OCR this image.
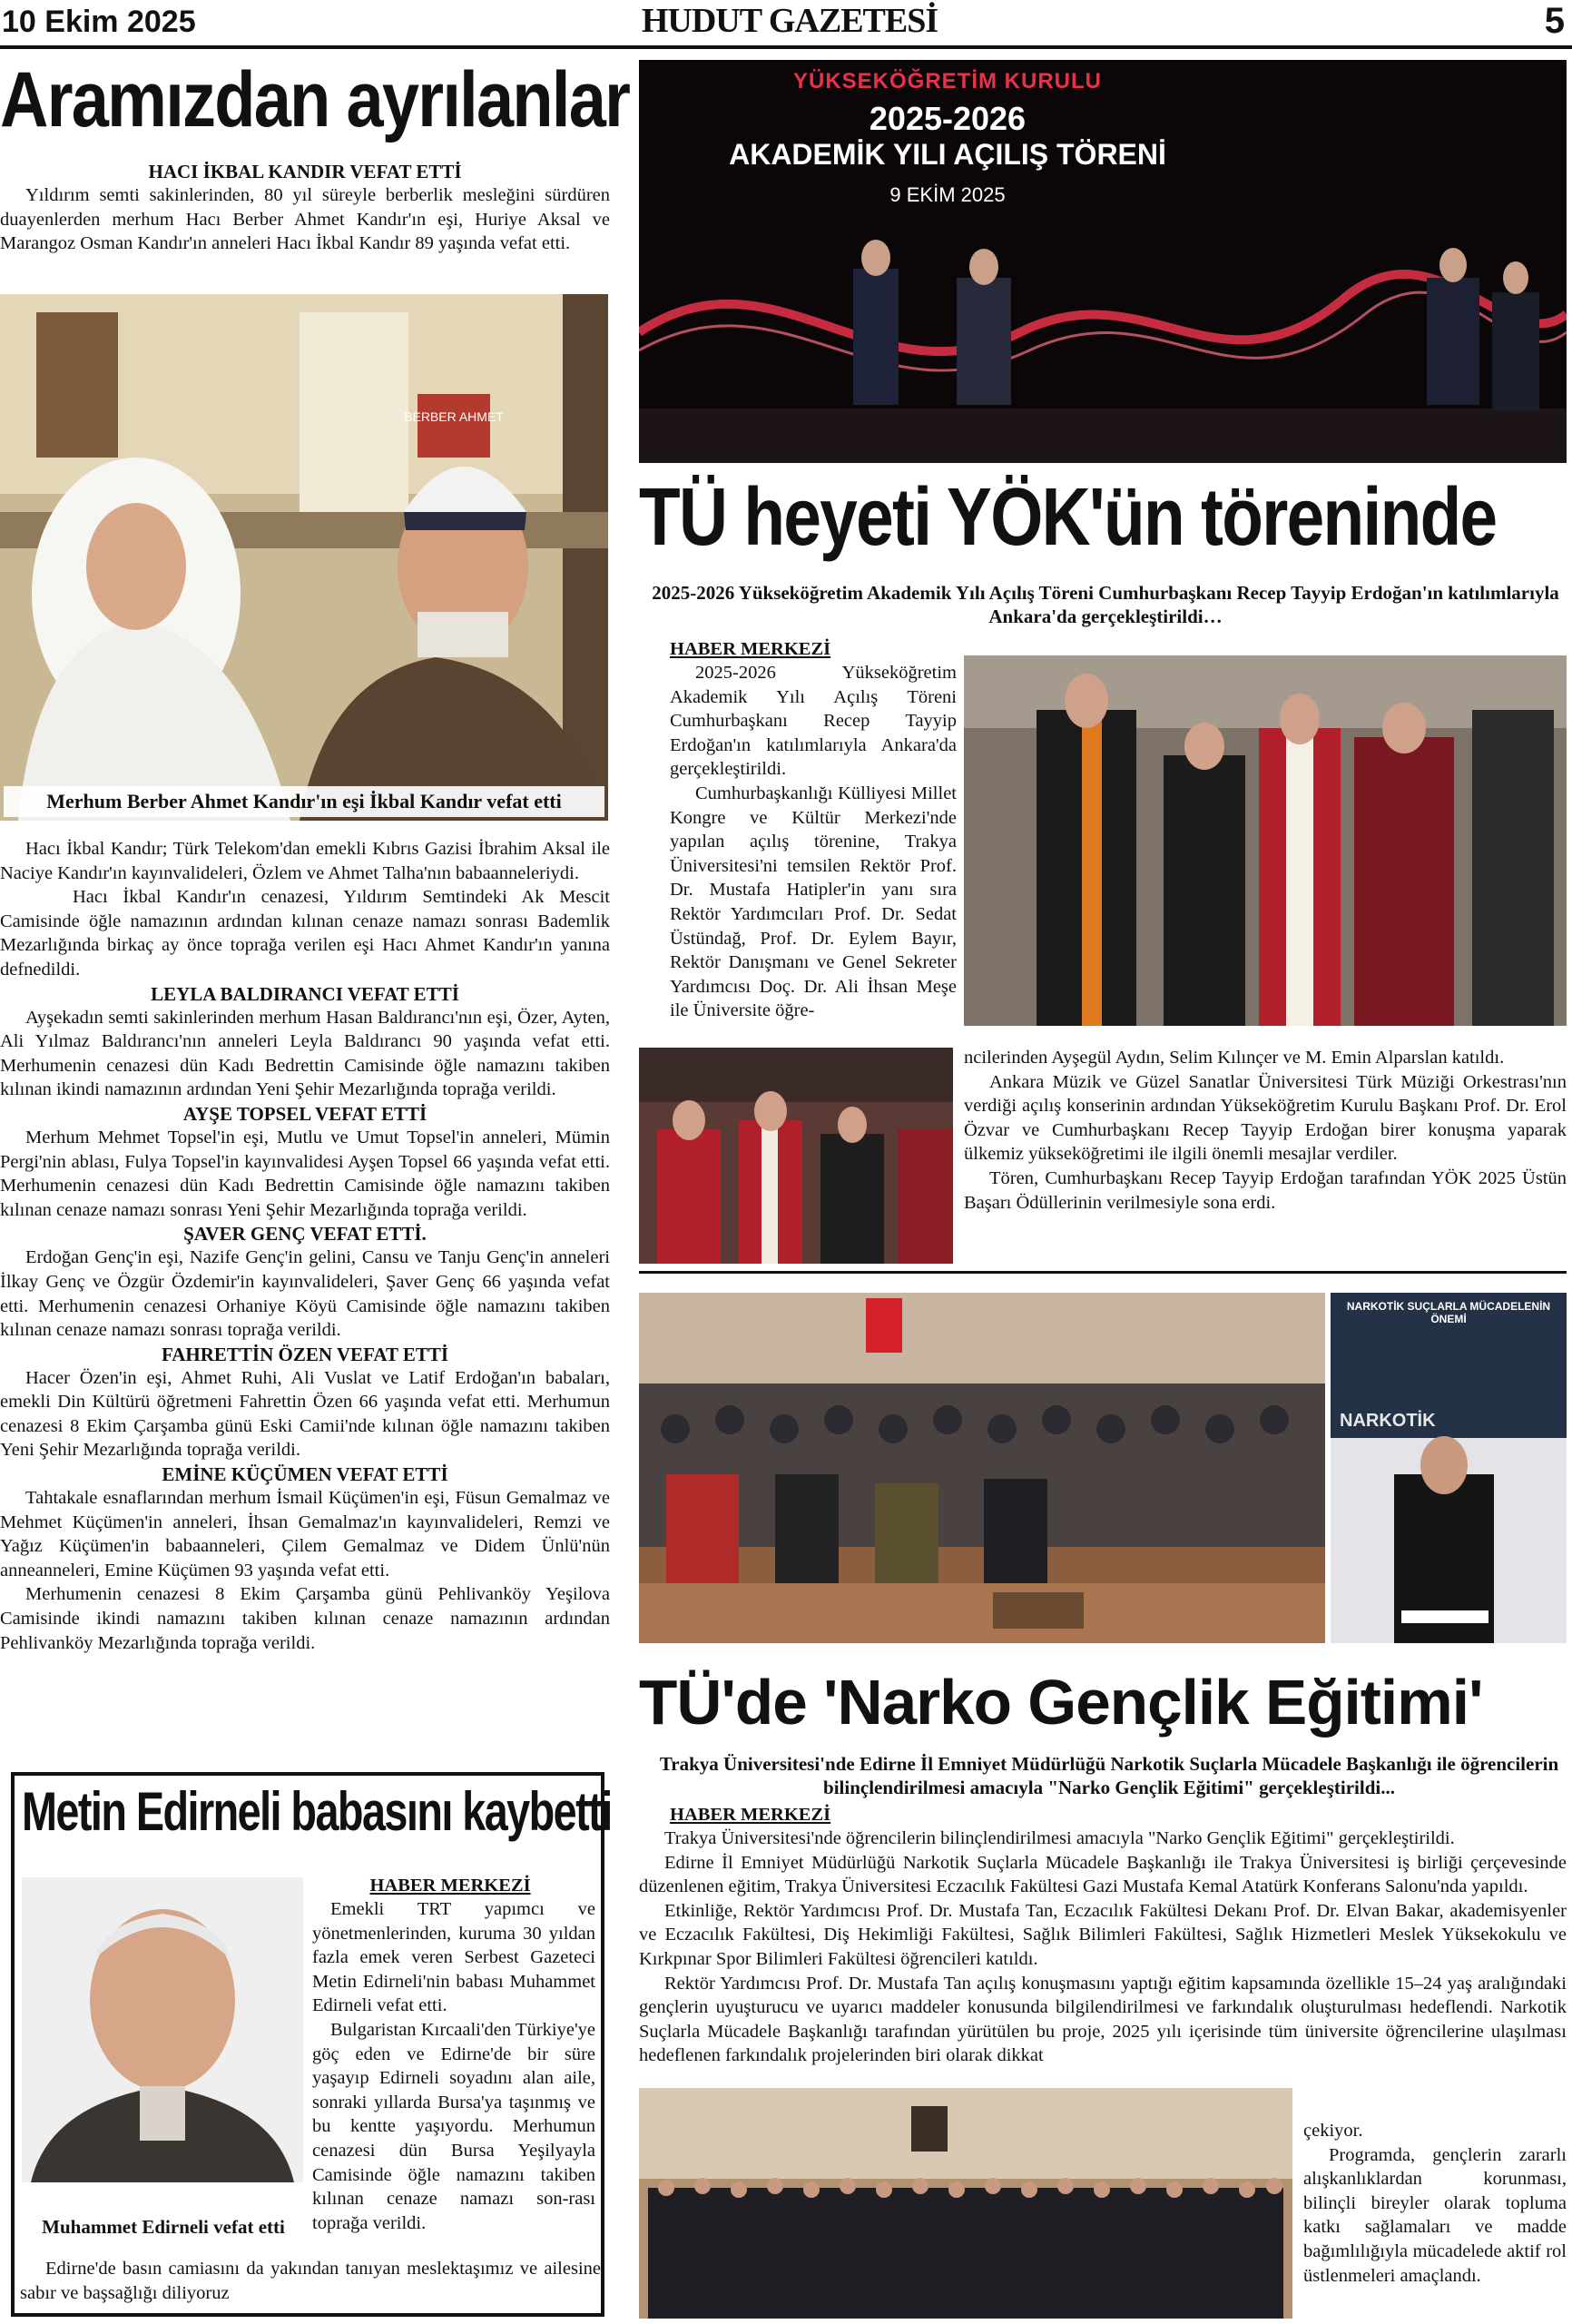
10 Ekim 2025	HUDUT GAZETESİ	5
Aramızdan ayrılanlar
HACI İKBAL KANDIR VEFAT ETTİ

Yıldırım semti sakinlerinden, 80 yıl süreyle berberlik mesleğini sürdüren duayenlerden merhum Hacı Berber Ahmet Kandır'ın eşi, Huriye Aksal ve Marangoz Osman Kandır'ın anneleri Hacı İkbal Kandır 89 yaşında vefat etti.

BERBER AHMET
Merhum Berber Ahmet Kandır'ın eşi İkbal Kandır vefat etti

Hacı İkbal Kandır; Türk Telekom'dan emekli Kıbrıs Gazisi İbrahim Aksal ile Naciye Kandır'ın kayınvalideleri, Özlem ve Ahmet Talha'nın babaanneleriydi.

Hacı İkbal Kandır'ın cenazesi, Yıldırım Semtindeki Ak Mescit Camisinde öğle namazının ardından kılınan cenaze namazı sonrası Bademlik Mezarlığında birkaç ay önce toprağa verilen eşi Hacı Ahmet Kandır'ın yanına defnedildi.

LEYLA BALDIRANCI VEFAT ETTİ

Ayşekadın semti sakinlerinden merhum Hasan Baldırancı'nın eşi, Özer, Ayten, Ali Yılmaz Baldırancı'nın anneleri Leyla Baldırancı 90 yaşında vefat etti. Merhumenin cenazesi dün Kadı Bedrettin Camisinde öğle namazını takiben kılınan ikindi namazının ardından Yeni Şehir Mezarlığında toprağa verildi.

AYŞE TOPSEL VEFAT ETTİ

Merhum Mehmet Topsel'in eşi, Mutlu ve Umut Topsel'in anneleri, Mümin Pergi'nin ablası, Fulya Topsel'in kayınvalidesi Ayşen Topsel 66 yaşında vefat etti. Merhumenin cenazesi dün Kadı Bedrettin Camisinde öğle namazını takiben kılınan cenaze namazı sonrası Yeni Şehir Mezarlığında toprağa verildi.

ŞAVER GENÇ VEFAT ETTİ.

Erdoğan Genç'in eşi, Nazife Genç'in gelini, Cansu ve Tanju Genç'in anneleri İlkay Genç ve Özgür Özdemir'in kayınvalideleri, Şaver Genç 66 yaşında vefat etti. Merhumenin cenazesi Orhaniye Köyü Camisinde öğle namazını takiben kılınan cenaze namazı sonrası toprağa verildi.

FAHRETTİN ÖZEN VEFAT ETTİ

Hacer Özen'in eşi, Ahmet Ruhi, Ali Vuslat ve Latif Erdoğan'ın babaları, emekli Din Kültürü öğretmeni Fahrettin Özen 66 yaşında vefat etti. Merhumun cenazesi 8 Ekim Çarşamba günü Eski Camii'nde kılınan öğle namazını takiben Yeni Şehir Mezarlığında toprağa verildi.

EMİNE KÜÇÜMEN VEFAT ETTİ

Tahtakale esnaflarından merhum İsmail Küçümen'in eşi, Füsun Gemalmaz ve Mehmet Küçümen'in anneleri, İhsan Gemalmaz'ın kayınvalideleri, Remzi ve Yağız Küçümen'in babaanneleri, Çilem Gemalmaz ve Didem Ünlü'nün anneanneleri, Emine Küçümen 93 yaşında vefat etti.

Merhumenin cenazesi 8 Ekim Çarşamba günü Pehlivanköy Yeşilova Camisinde ikindi namazını takiben kılınan cenaze namazının ardından Pehlivanköy Mezarlığında toprağa verildi.

Metin Edirneli babasını kaybetti
HABER MERKEZİ

Emekli TRT yapımcı ve yönetmenlerinden, kuruma 30 yıldan fazla emek veren Serbest Gazeteci Metin Edirneli'nin babası Muhammet Edirneli vefat etti.

Bulgaristan Kırcaali'den Türkiye'ye göç eden ve Edirne'de bir süre yaşayıp Edirneli soyadını alan aile, sonraki yıllarda Bursa'ya taşınmış ve bu kentte yaşıyordu. Merhumun cenazesi dün Bursa Yeşilyayla Camisinde öğle namazını takiben kılınan cenaze namazı son-rası toprağa verildi.

Muhammet Edirneli vefat etti

Edirne'de basın camiasını da yakından tanıyan meslektaşımız ve ailesine sabır ve başsağlığı diliyoruz

YÜKSEKÖĞRETİM KURULU
2025-2026
AKADEMİK YILI AÇILIŞ TÖRENİ
9 EKİM 2025
TÜ heyeti YÖK'ün töreninde
2025-2026 Yükseköğretim Akademik Yılı Açılış Töreni Cumhurbaşkanı Recep Tayyip Erdoğan'ın katılımlarıyla Ankara'da gerçekleştirildi…
HABER MERKEZİ

2025-2026 Yükseköğretim Akademik Yılı Açılış Töreni Cumhurbaşkanı Recep Tayyip Erdoğan'ın katılımlarıyla Ankara'da gerçekleştirildi.

Cumhurbaşkanlığı Külliyesi Millet Kongre ve Kültür Merkezi'nde yapılan açılış törenine, Trakya Üniversitesi'ni temsilen Rektör Prof. Dr. Mustafa Hatipler'in yanı sıra Rektör Yardımcıları Prof. Dr. Sedat Üstündağ, Prof. Dr. Eylem Bayır, Rektör Danışmanı ve Genel Sekreter Yardımcısı Doç. Dr. Ali İhsan Meşe ile Üniversite öğre-

ncilerinden Ayşegül Aydın, Selim Kılınçer ve M. Emin Alparslan katıldı.

Ankara Müzik ve Güzel Sanatlar Üniversitesi Türk Müziği Orkestrası'nın verdiği açılış konserinin ardından Yükseköğretim Kurulu Başkanı Prof. Dr. Erol Özvar ve Cumhurbaşkanı Recep Tayyip Erdoğan birer konuşma yaparak ülkemiz yükseköğretimi ile ilgili önemli mesajlar verdiler.

Tören, Cumhurbaşkanı Recep Tayyip Erdoğan tarafından YÖK 2025 Üstün Başarı Ödüllerinin verilmesiyle sona erdi.

NARKOTİK SUÇLARLA MÜCADELENİN ÖNEMİ
NARKOTİK
TÜ'de 'Narko Gençlik Eğitimi'
Trakya Üniversitesi'nde Edirne İl Emniyet Müdürlüğü Narkotik Suçlarla Mücadele Başkanlığı ile öğrencilerin bilinçlendirilmesi amacıyla "Narko Gençlik Eğitimi" gerçekleştirildi...
HABER MERKEZİ

Trakya Üniversitesi'nde öğrencilerin bilinçlendirilmesi amacıyla "Narko Gençlik Eğitimi" gerçekleştirildi.

Edirne İl Emniyet Müdürlüğü Narkotik Suçlarla Mücadele Başkanlığı ile Trakya Üniversitesi iş birliği çerçevesinde düzenlenen eğitim, Trakya Üniversitesi Eczacılık Fakültesi Gazi Mustafa Kemal Atatürk Konferans Salonu'nda yapıldı.

Etkinliğe, Rektör Yardımcısı Prof. Dr. Mustafa Tan, Eczacılık Fakültesi Dekanı Prof. Dr. Elvan Bakar, akademisyenler ve Eczacılık Fakültesi, Diş Hekimliği Fakültesi, Sağlık Bilimleri Fakültesi, Sağlık Hizmetleri Meslek Yüksekokulu ve Kırkpınar Spor Bilimleri Fakültesi öğrencileri katıldı.

Rektör Yardımcısı Prof. Dr. Mustafa Tan açılış konuşmasını yaptığı eğitim kapsamında özellikle 15–24 yaş aralığındaki gençlerin uyuşturucu ve uyarıcı maddeler konusunda bilgilendirilmesi ve farkındalık oluşturulması hedeflendi. Narkotik Suçlarla Mücadele Başkanlığı tarafından yürütülen bu proje, 2025 yılı içerisinde tüm üniversite öğrencilerine ulaşılması hedeflenen farkındalık projelerinden biri olarak dikkat

çekiyor.

Programda, gençlerin zararlı alışkanlıklardan korunması, bilinçli bireyler olarak topluma katkı sağlamaları ve madde bağımlılığıyla mücadelede aktif rol üstlenmeleri amaçlandı.
